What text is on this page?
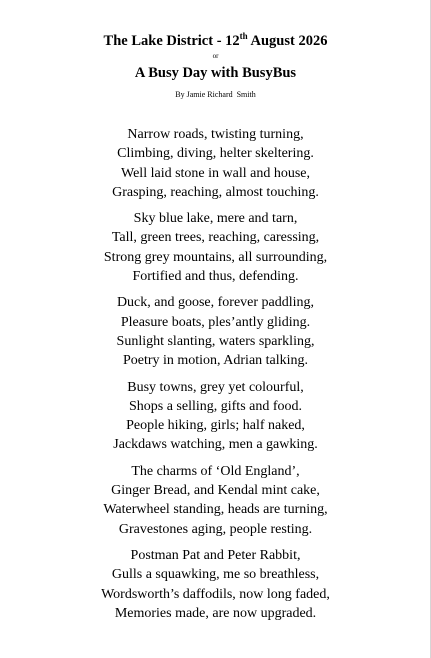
The Lake District - 12th August 2026
or
A Busy Day with BusyBus
By Jamie Richard  Smith
Narrow roads, twisting turning,
Climbing, diving, helter skeltering.
Well laid stone in wall and house,
Grasping, reaching, almost touching.
Sky blue lake, mere and tarn,
Tall, green trees, reaching, caressing,
Strong grey mountains, all surrounding,
Fortified and thus, defending.
Duck, and goose, forever paddling,
Pleasure boats, ples’antly gliding.
Sunlight slanting, waters sparkling,
Poetry in motion, Adrian talking.
Busy towns, grey yet colourful,
Shops a selling, gifts and food.
People hiking, girls; half naked,
Jackdaws watching, men a gawking.
The charms of ‘Old England’,
Ginger Bread, and Kendal mint cake,
Waterwheel standing, heads are turning,
Gravestones aging, people resting.
Postman Pat and Peter Rabbit,
Gulls a squawking, me so breathless,
Wordsworth’s daffodils, now long faded,
Memories made, are now upgraded.
